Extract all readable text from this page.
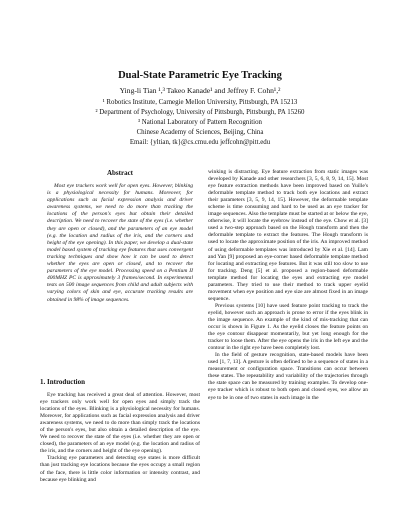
Dual-State Parametric Eye Tracking
Ying-li Tian ¹,³ Takeo Kanade¹ and Jeffrey F. Cohn¹,²
¹ Robotics Institute, Carnegie Mellon University, Pittsburgh, PA 15213
² Department of Psychology, University of Pittsburgh, Pittsburgh, PA 15260
³ National Laboratory of Pattern Recognition
Chinese Academy of Sciences, Beijing, China
Email: {yltian, tk}@cs.cmu.edu jeffcohn@pitt.edu
Abstract

Most eye trackers work well for open eyes. However, blinking is a physiological necessity for humans. Moreover, for applications such as facial expression analysis and driver awareness systems, we need to do more than tracking the locations of the person's eyes but obtain their detailed description. We need to recover the state of the eyes (i.e. whether they are open or closed), and the parameters of an eye model (e.g. the location and radius of the iris, and the corners and height of the eye opening). In this paper, we develop a dual-state model based system of tracking eye features that uses convergent tracking techniques and show how it can be used to detect whether the eyes are open or closed, and to recover the parameters of the eye model. Processing speed on a Pentium II 400MHZ PC is approximately 3 frames/second. In experimental tests on 500 image sequences from child and adult subjects with varying colors of skin and eye, accurate tracking results are obtained in 98% of image sequences.

1. Introduction

Eye tracking has received a great deal of attention. However, most eye trackers only work well for open eyes and simply track the locations of the eyes. Blinking is a physiological necessity for humans. Moreover, for applications such as facial expression analysis and driver awareness systems, we need to do more than simply track the locations of the person's eyes, but also obtain a detailed description of the eye. We need to recover the state of the eyes (i.e. whether they are open or closed), the parameters of an eye model (e.g. the location and radius of the iris, and the corners and height of the eye opening).

Tracking eye parameters and detecting eye states is more difficult than just tracking eye locations because the eyes occupy a small region of the face, there is little color information or intensity contrast, and because eye blinking and

winking is distracting. Eye feature extraction from static images was developed by Kanade and other researchers [3, 5, 6, 8, 9, 14, 15]. Most eye feature extraction methods have been improved based on Yuille's deformable template method to track both eye locations and extract their parameters [3, 5, 9, 14, 15]. However, the deformable template scheme is time consuming and hard to be used as an eye tracker for image sequences. Also the template must be started at or below the eye, otherwise, it will locate the eyebrow instead of the eye. Chow et al. [3] used a two-step approach based on the Hough transform and then the deformable template to extract the features. The Hough transform is used to locate the approximate position of the iris. An improved method of using deformable templates was introduced by Xie et al. [14]. Lam and Yan [9] proposed an eye-corner based deformable template method for locating and extracting eye features. But it was still too slow to use for tracking. Deng [5] et al. proposed a region-based deformable template method for locating the eyes and extracting eye model parameters. They tried to use their method to track upper eyelid movement when eye position and eye size are almost fixed in an image sequence.

Previous systems [10] have used feature point tracking to track the eyelid, however such an approach is prone to error if the eyes blink in the image sequence. An example of the kind of mis-tracking that can occur is shown in Figure 1. As the eyelid closes the feature points on the eye contour disappear momentarily, but yet long enough for the tracker to loose them. After the eye opens the iris in the left eye and the contour in the right eye have been completely lost.

In the field of gesture recognition, state-based models have been used [1, 7, 13]. A gesture is often defined to be a sequence of states in a measurement or configuration space. Transitions can occur between these states. The repeatability and variability of the trajectories through the state space can be measured by training examples. To develop one-eye tracker which is robust to both open and closed eyes, we allow an eye to be in one of two states in each image in the
